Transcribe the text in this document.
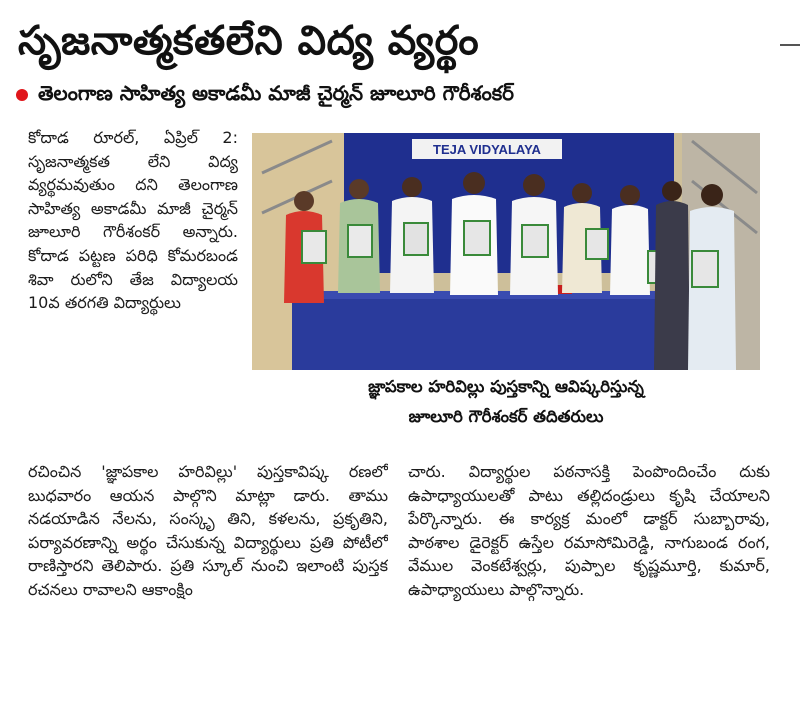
సృజనాత్మకతలేని విద్య వ్యర్థం
తెలంగాణ సాహిత్య అకాడమీ మాజీ చైర్మన్ జూలూరి గౌరీశంకర్

కోదాడ రూరల్, ఏప్రిల్ 2: సృజనాత్మకత లేని విద్య వ్యర్థమవుతుం దని తెలంగాణ సాహిత్య అకాడమీ మాజీ చైర్మన్ జూలూరి గౌరీశంకర్ అన్నారు. కోదాడ పట్టణ పరిధి కోమరబండ శివా రులోని తేజ విద్యాలయ 10వ తరగతి విద్యార్థులు

TEJA VIDYALAYA
జ్ఞాపకాల హరివిల్లు పుస్తకాన్ని ఆవిష్కరిస్తున్న
జూలూరి గౌరీశంకర్ తదితరులు

రచించిన 'జ్ఞాపకాల హరివిల్లు' పుస్తకావిష్క రణలో బుధవారం ఆయన పాల్గొని మాట్లా డారు. తాము నడయాడిన నేలను, సంస్కృ తిని, కళలను, ప్రకృతిని, పర్యావరణాన్ని అర్థం చేసుకున్న విద్యార్థులు ప్రతి పోటీలో రాణిస్తారని తెలిపారు. ప్రతి స్కూల్ నుంచి ఇలాంటి పుస్తక రచనలు రావాలని ఆకాంక్షిం

చారు. విద్యార్థుల పఠనాసక్తి పెంపొందించేం దుకు ఉపాధ్యాయులతో పాటు తల్లిదండ్రులు కృషి చేయాలని పేర్కొన్నారు. ఈ కార్యక్ర మంలో డాక్టర్ సుబ్బారావు, పాఠశాల డైరెక్టర్ ఉస్తేల రమాసోమిరెడ్డి, నాగుబండ రంగ, వేముల వెంకటేశ్వర్లు, పుప్పాల కృష్ణమూర్తి, కుమార్, ఉపాధ్యాయులు పాల్గొన్నారు.
